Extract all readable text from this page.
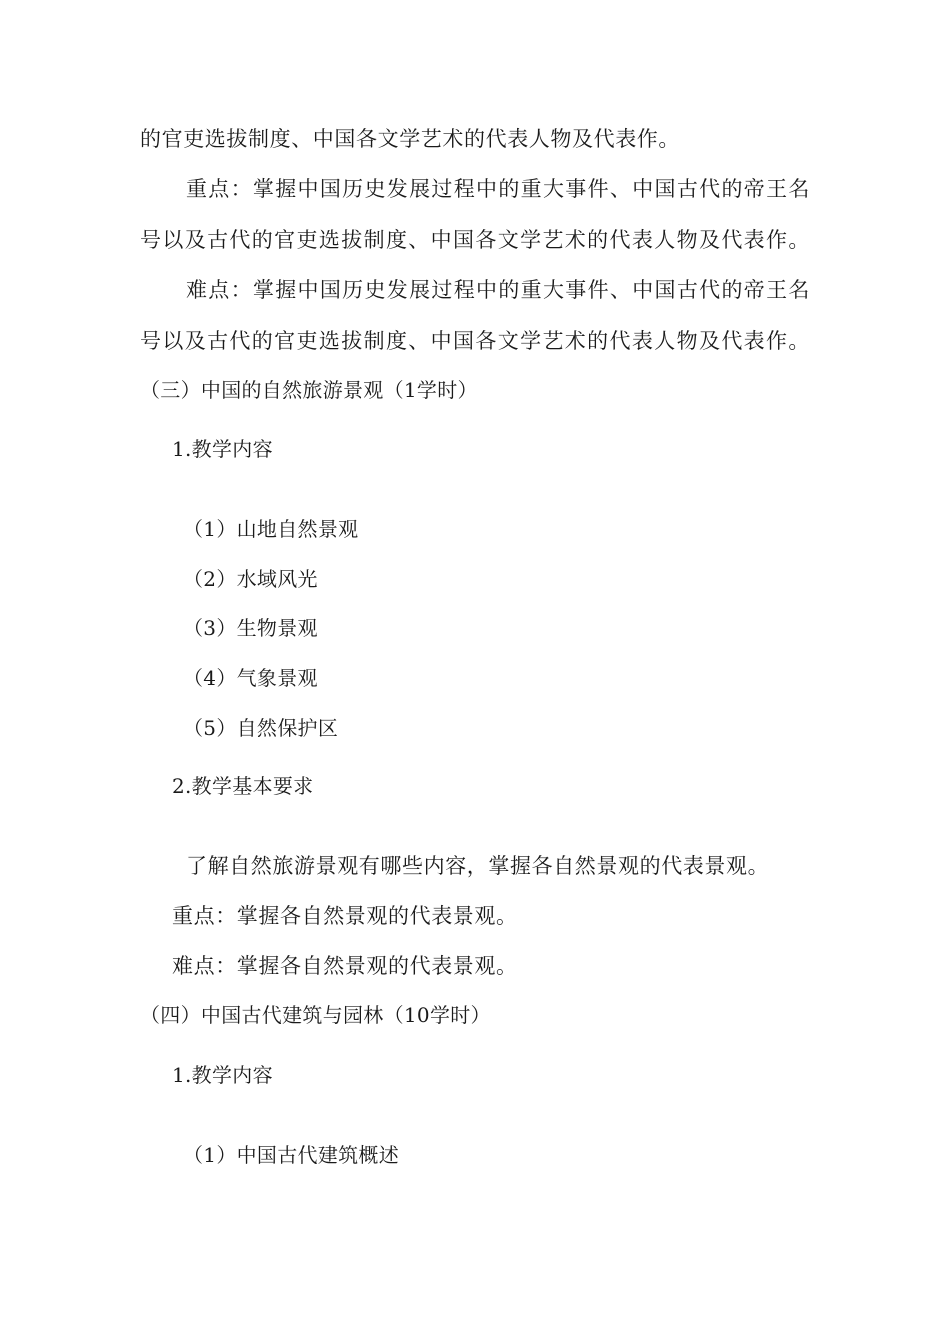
的官吏选拔制度、中国各文学艺术的代表人物及代表作。
重点：掌握中国历史发展过程中的重大事件、中国古代的帝王名
号以及古代的官吏选拔制度、中国各文学艺术的代表人物及代表作。
难点：掌握中国历史发展过程中的重大事件、中国古代的帝王名
号以及古代的官吏选拔制度、中国各文学艺术的代表人物及代表作。
（三）中国的自然旅游景观（1学时）
1.教学内容
（1）山地自然景观
（2）水域风光
（3）生物景观
（4）气象景观
（5）自然保护区
2.教学基本要求
了解自然旅游景观有哪些内容，掌握各自然景观的代表景观。
重点：掌握各自然景观的代表景观。
难点：掌握各自然景观的代表景观。
（四）中国古代建筑与园林（10学时）
1.教学内容
（1）中国古代建筑概述
